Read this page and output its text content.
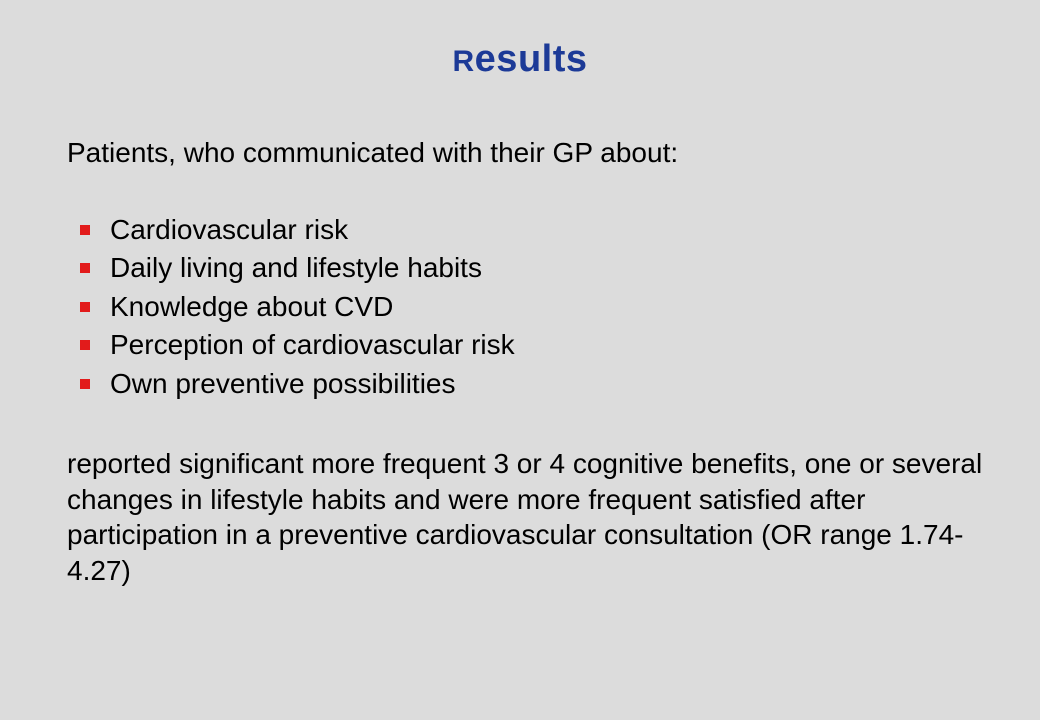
Results
Patients, who communicated with their GP about:
Cardiovascular risk
Daily living and lifestyle habits
Knowledge about CVD
Perception of cardiovascular risk
Own preventive possibilities
reported significant more frequent 3 or 4 cognitive benefits, one or several changes in lifestyle habits and were more frequent satisfied after participation in a preventive cardiovascular consultation (OR range 1.74-4.27)
